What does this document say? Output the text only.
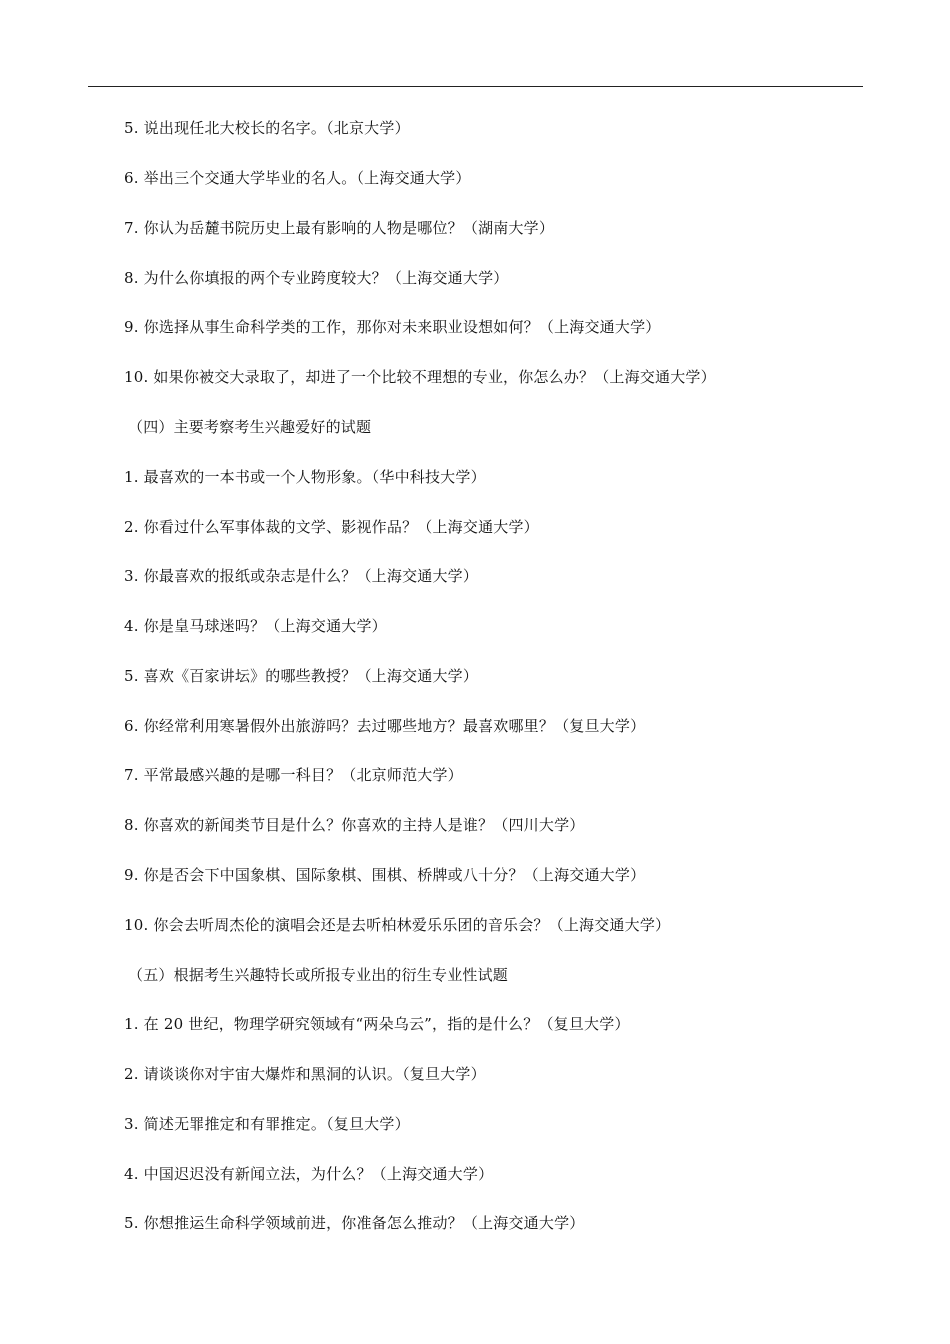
5. 说出现任北大校长的名字。（北京大学）
6. 举出三个交通大学毕业的名人。（上海交通大学）
7. 你认为岳麓书院历史上最有影响的人物是哪位？（湖南大学）
8. 为什么你填报的两个专业跨度较大？（上海交通大学）
9. 你选择从事生命科学类的工作，那你对未来职业设想如何？（上海交通大学）
10. 如果你被交大录取了，却进了一个比较不理想的专业，你怎么办？（上海交通大学）
（四）主要考察考生兴趣爱好的试题
1. 最喜欢的一本书或一个人物形象。（华中科技大学）
2. 你看过什么军事体裁的文学、影视作品？（上海交通大学）
3. 你最喜欢的报纸或杂志是什么？（上海交通大学）
4. 你是皇马球迷吗？（上海交通大学）
5. 喜欢《百家讲坛》的哪些教授？（上海交通大学）
6. 你经常利用寒暑假外出旅游吗？去过哪些地方？最喜欢哪里？（复旦大学）
7. 平常最感兴趣的是哪一科目？（北京师范大学）
8. 你喜欢的新闻类节目是什么？你喜欢的主持人是谁？（四川大学）
9. 你是否会下中国象棋、国际象棋、围棋、桥牌或八十分？（上海交通大学）
10. 你会去听周杰伦的演唱会还是去听柏林爱乐乐团的音乐会？（上海交通大学）
（五）根据考生兴趣特长或所报专业出的衍生专业性试题
1. 在 20 世纪，物理学研究领域有“两朵乌云”，指的是什么？（复旦大学）
2. 请谈谈你对宇宙大爆炸和黑洞的认识。（复旦大学）
3. 简述无罪推定和有罪推定。（复旦大学）
4. 中国迟迟没有新闻立法，为什么？（上海交通大学）
5. 你想推运生命科学领域前进，你准备怎么推动？（上海交通大学）
